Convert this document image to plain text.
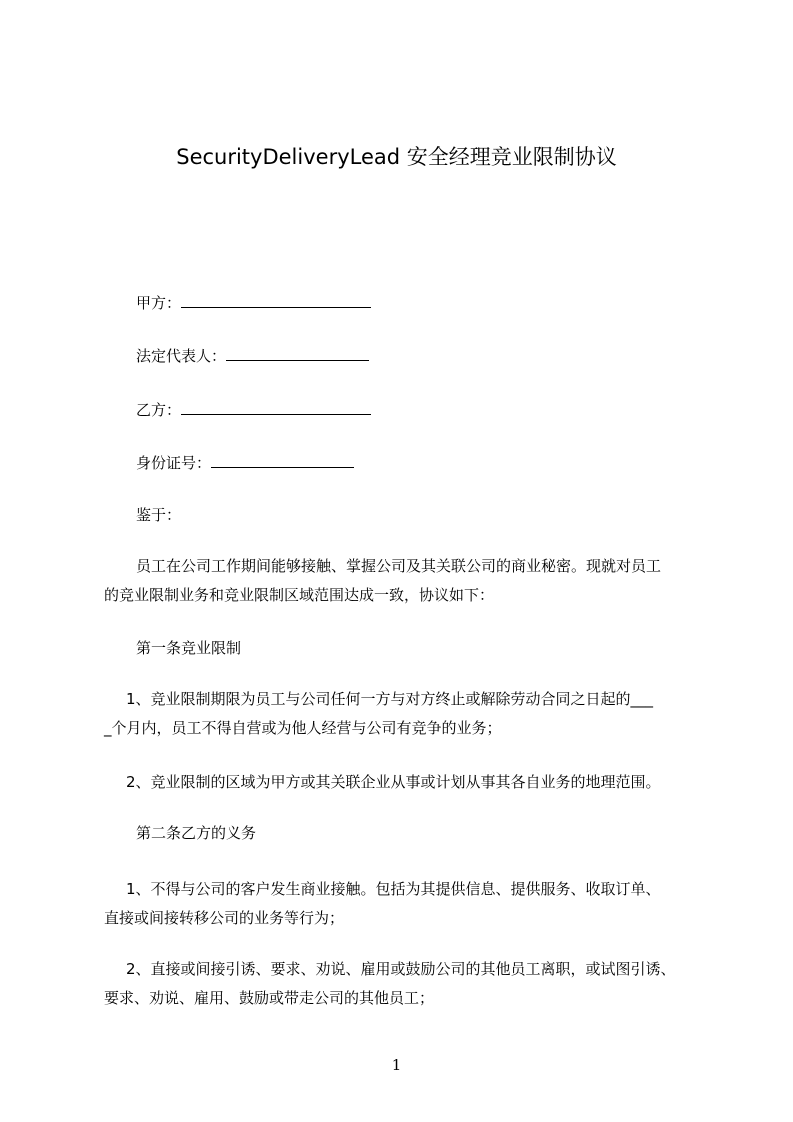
SecurityDeliveryLead 安全经理竞业限制协议
甲方：
法定代表人：
乙方：
身份证号：
鉴于：
员工在公司工作期间能够接触、掌握公司及其关联公司的商业秘密。现就对员工
的竞业限制业务和竞业限制区域范围达成一致，协议如下：
第一条竞业限制
1、竞业限制期限为员工与公司任何一方与对方终止或解除劳动合同之日起的___
_个月内，员工不得自营或为他人经营与公司有竞争的业务；
2、竞业限制的区域为甲方或其关联企业从事或计划从事其各自业务的地理范围。
第二条乙方的义务
1、不得与公司的客户发生商业接触。包括为其提供信息、提供服务、收取订单、
直接或间接转移公司的业务等行为；
2、直接或间接引诱、要求、劝说、雇用或鼓励公司的其他员工离职，或试图引诱、
要求、劝说、雇用、鼓励或带走公司的其他员工；
1
